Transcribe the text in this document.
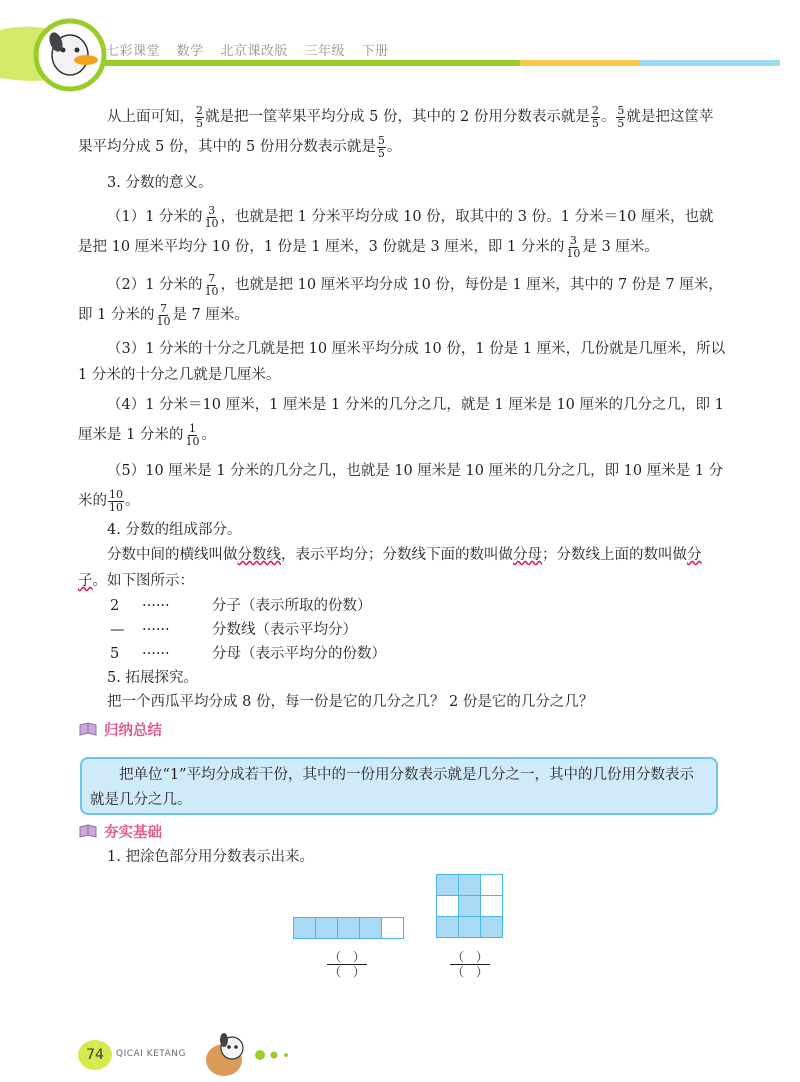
七彩课堂 数学 北京课改版 三年级 下册
从上面可知， $\frac{2}{5}$ 就是把一筐苹果平均分成 5 份，其中的 2 份用分数表示就是 $\frac{2}{5}$ 。 $\frac{5}{5}$ 就是把这筐苹果平均分成 5 份，其中的 5 份用分数表示就是 $\frac{5}{5}$ 。
3. 分数的意义。
（1）1 分米的 $\frac{3}{10}$ ，也就是把 1 分米平均分成 10 份，取其中的 3 份。1 分米＝10 厘米，也就是把 10 厘米平均分 10 份，1 份是 1 厘米，3 份就是 3 厘米，即 1 分米的 $\frac{3}{10}$ 是 3 厘米。
（2）1 分米的 $\frac{7}{10}$ ，也就是把 10 厘米平均分成 10 份，每份是 1 厘米，其中的 7 份是 7 厘米，即 1 分米的 $\frac{7}{10}$ 是 7 厘米。
（3）1 分米的十分之几就是把 10 厘米平均分成 10 份，1 份是 1 厘米，几份就是几厘米，所以 1 分米的十分之几就是几厘米。
（4）1 分米＝10 厘米，1 厘米是 1 分米的几分之几，就是 1 厘米是 10 厘米的几分之几，即 1 厘米是 1 分米的 $\frac{1}{10}$ 。
（5）10 厘米是 1 分米的几分之几，也就是 10 厘米是 10 厘米的几分之几，即 10 厘米是 1 分米的 $\frac{10}{10}$ 。
4. 分数的组成部分。
分数中间的横线叫做分数线，表示平均分；分数线下面的数叫做分母；分数线上面的数叫做分子。如下图所示：
2	······	分子（表示所取的份数）
—	······	分数线（表示平均分）
5	······	分母（表示平均分的份数）
5. 拓展探究。
把一个西瓜平均分成 8 份，每一份是它的几分之几？ 2 份是它的几分之几？
归纳总结
把单位“1”平均分成若干份，其中的一份用分数表示就是几分之一，其中的几份用分数表示就是几分之几。
夯实基础
1. 把涂色部分用分数表示出来。
（　）
（　）
（　）
（　）
74	QICAI KETANG
